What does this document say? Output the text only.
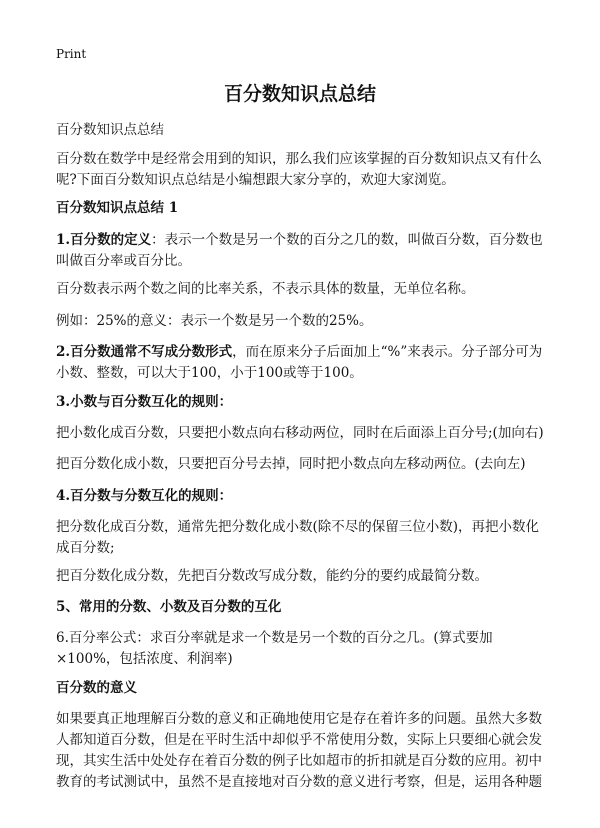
Print
百分数知识点总结

百分数知识点总结

百分数在数学中是经常会用到的知识，那么我们应该掌握的百分数知识点又有什么呢?下面百分数知识点总结是小编想跟大家分享的，欢迎大家浏览。

百分数知识点总结 1

1.百分数的定义：表示一个数是另一个数的百分之几的数，叫做百分数，百分数也叫做百分率或百分比。

百分数表示两个数之间的比率关系，不表示具体的数量，无单位名称。

例如：25%的意义：表示一个数是另一个数的25%。

2.百分数通常不写成分数形式，而在原来分子后面加上“%”来表示。分子部分可为小数、整数，可以大于100，小于100或等于100。

3.小数与百分数互化的规则：

把小数化成百分数，只要把小数点向右移动两位，同时在后面添上百分号;(加向右)

把百分数化成小数，只要把百分号去掉，同时把小数点向左移动两位。(去向左)

4.百分数与分数互化的规则：

把分数化成百分数，通常先把分数化成小数(除不尽的保留三位小数)，再把小数化成百分数;

把百分数化成分数，先把百分数改写成分数，能约分的要约成最简分数。

5、常用的分数、小数及百分数的互化

6.百分率公式：求百分率就是求一个数是另一个数的百分之几。(算式要加×100%，包括浓度、利润率)

百分数的意义

如果要真正地理解百分数的意义和正确地使用它是存在着许多的问题。虽然大多数人都知道百分数，但是在平时生活中却似乎不常使用分数，实际上只要细心就会发现，其实生活中处处存在着百分数的例子比如超市的折扣就是百分数的应用。初中教育的考试测试中，虽然不是直接地对百分数的意义进行考察，但是，运用各种题
